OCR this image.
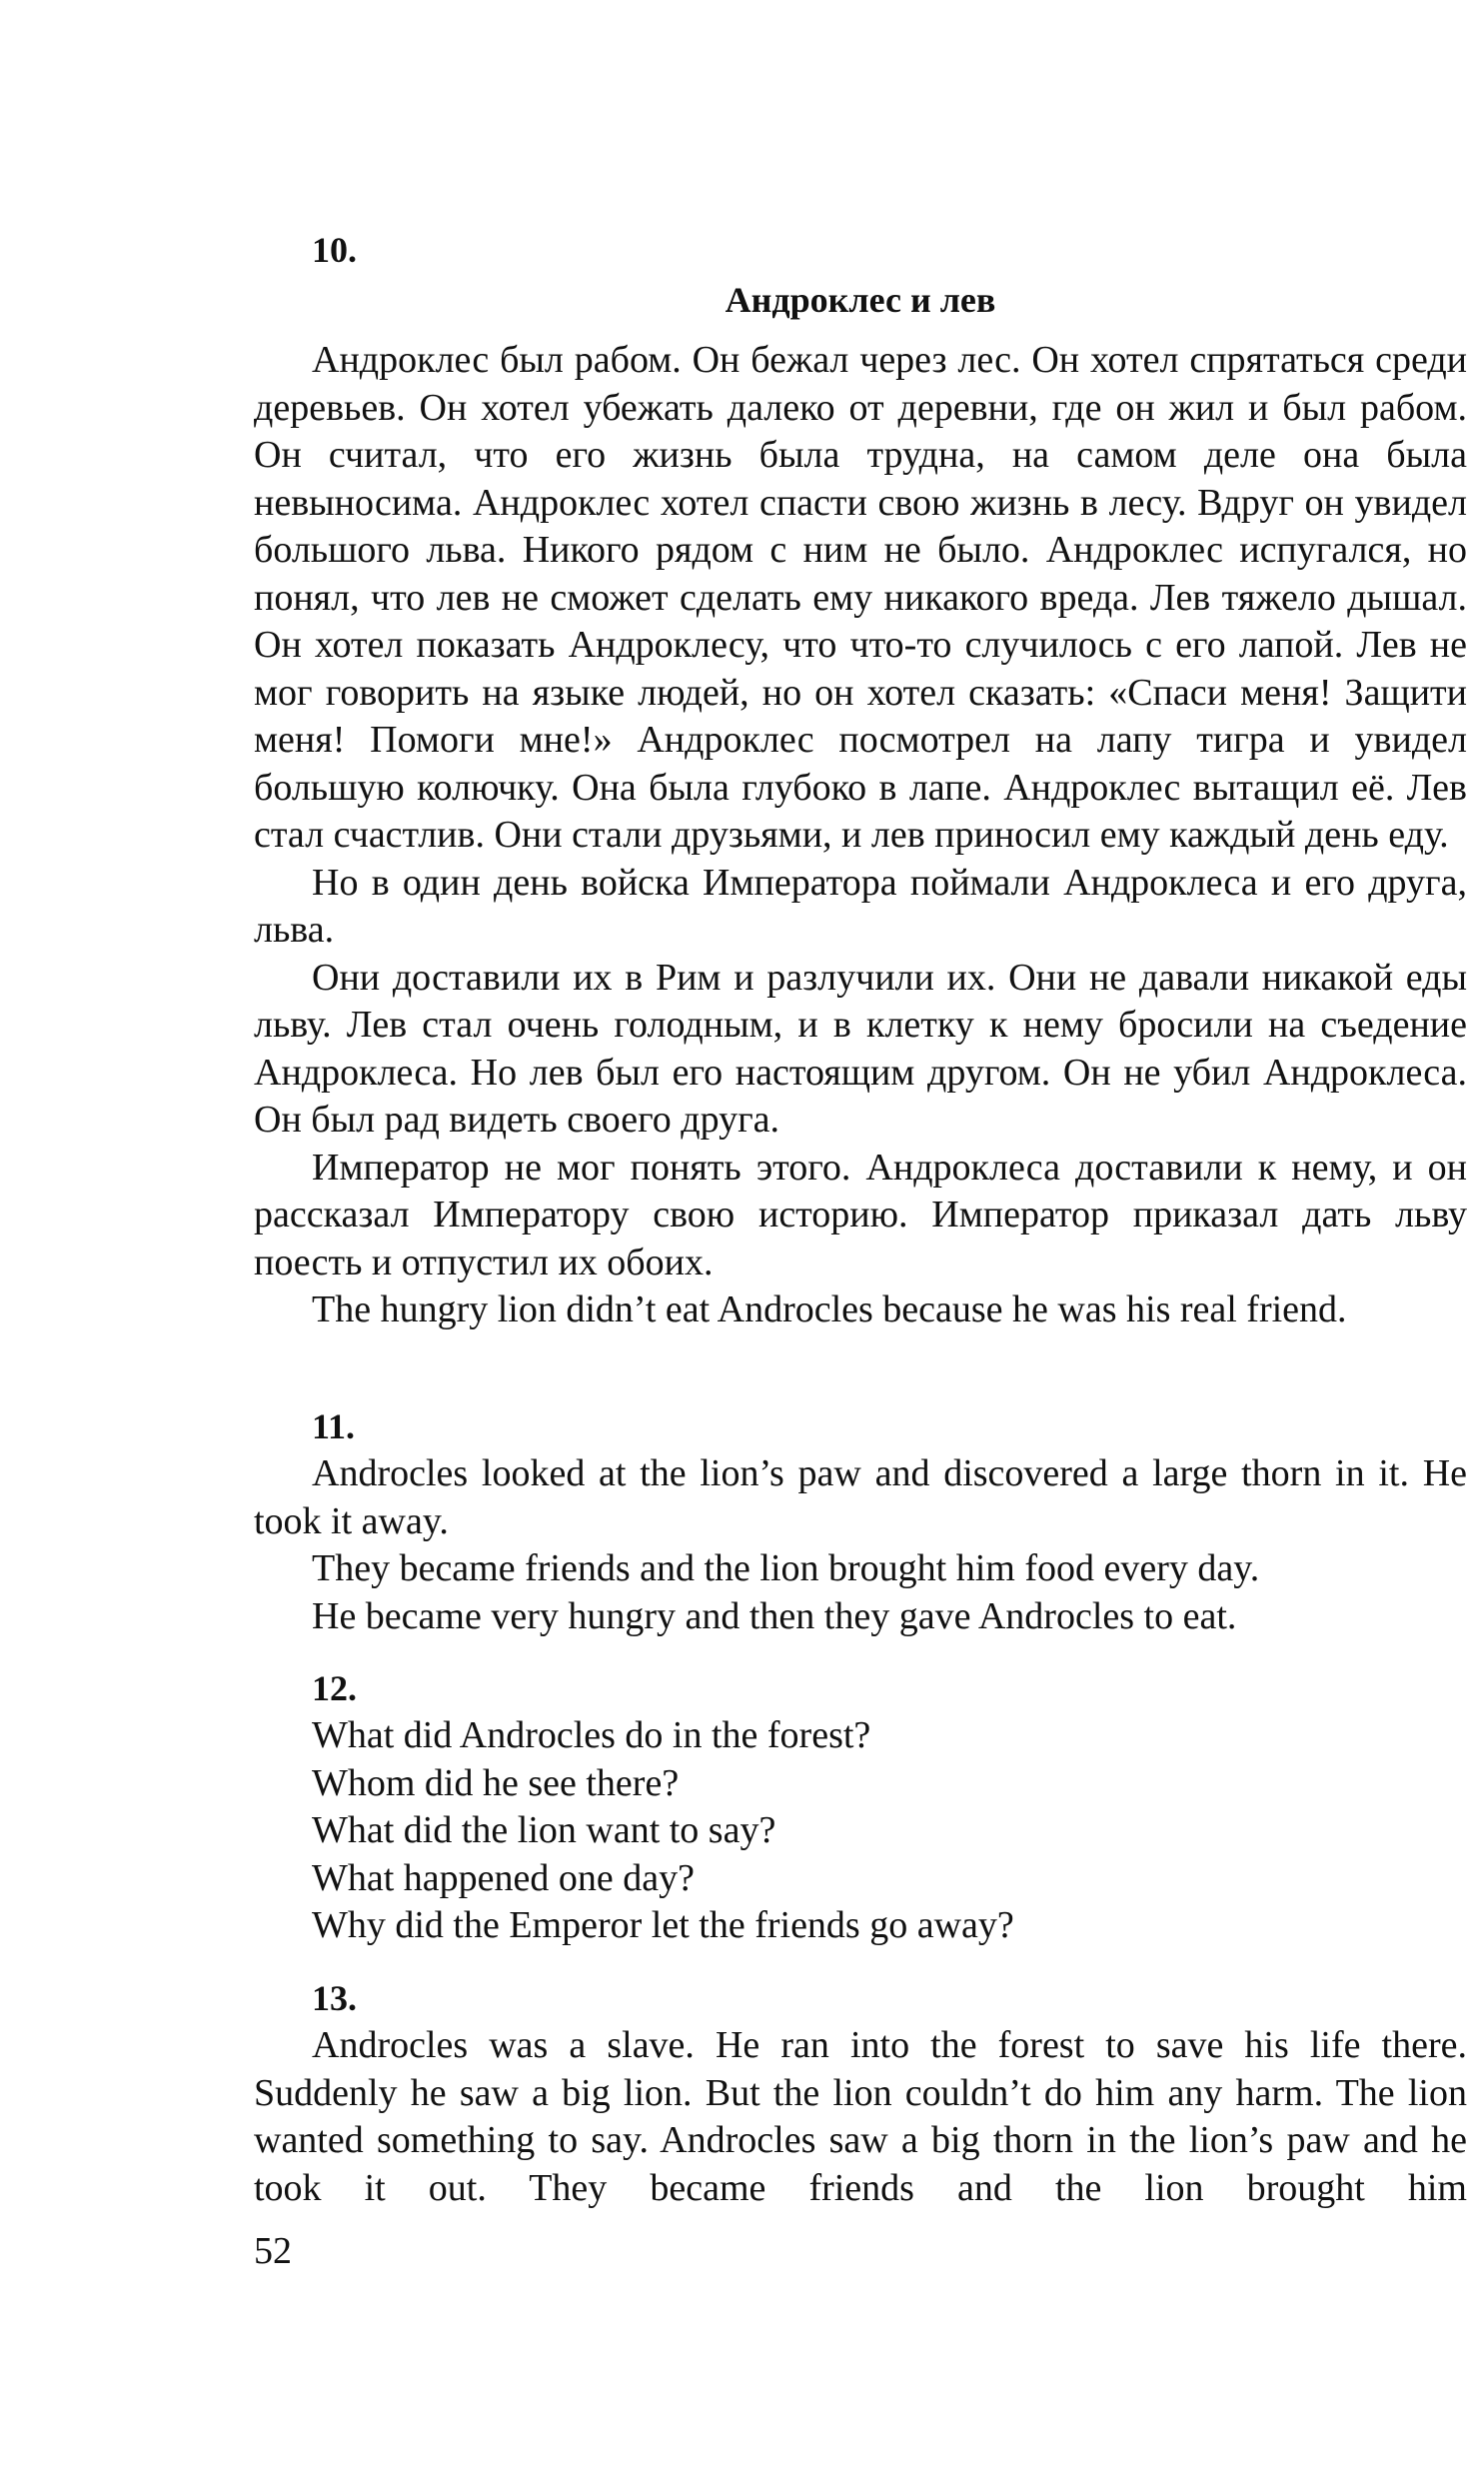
10.
Андроклес и лев

Андроклес был рабом. Он бежал через лес. Он хотел спрятаться среди деревьев. Он хотел убежать далеко от деревни, где он жил и был рабом. Он считал, что его жизнь была трудна, на самом деле она была невыносима. Андроклес хотел спасти свою жизнь в лесу. Вдруг он увидел большого льва. Никого рядом с ним не было. Андроклес испугался, но понял, что лев не сможет сделать ему никакого вреда. Лев тяжело дышал. Он хотел показать Андроклесу, что что-то случилось с его лапой. Лев не мог говорить на языке людей, но он хотел сказать: «Спаси меня! Защити меня! Помоги мне!» Андроклес посмотрел на лапу тигра и увидел большую колючку. Она была глубоко в лапе. Андроклес вытащил её. Лев стал счастлив. Они стали друзьями, и лев приносил ему каждый день еду.

Но в один день войска Императора поймали Андроклеса и его друга, льва.

Они доставили их в Рим и разлучили их. Они не давали никакой еды льву. Лев стал очень голодным, и в клетку к нему бросили на съедение Андроклеса. Но лев был его настоящим другом. Он не убил Андроклеса. Он был рад видеть своего друга.

Император не мог понять этого. Андроклеса доставили к нему, и он рассказал Императору свою историю. Император приказал дать льву поесть и отпустил их обоих.

The hungry lion didn’t eat Androcles because he was his real friend.

11.

Androcles looked at the lion’s paw and discovered a large thorn in it. He took it away.

They became friends and the lion brought him food every day.

He became very hungry and then they gave Androcles to eat.

12.

What did Androcles do in the forest?

Whom did he see there?

What did the lion want to say?

What happened one day?

Why did the Emperor let the friends go away?

13.

Androcles was a slave. He ran into the forest to save his life there. Suddenly he saw a big lion. But the lion couldn’t do him any harm. The lion wanted something to say. Androcles saw a big thorn in the lion’s paw and he took it out. They became friends and the lion brought him

52
